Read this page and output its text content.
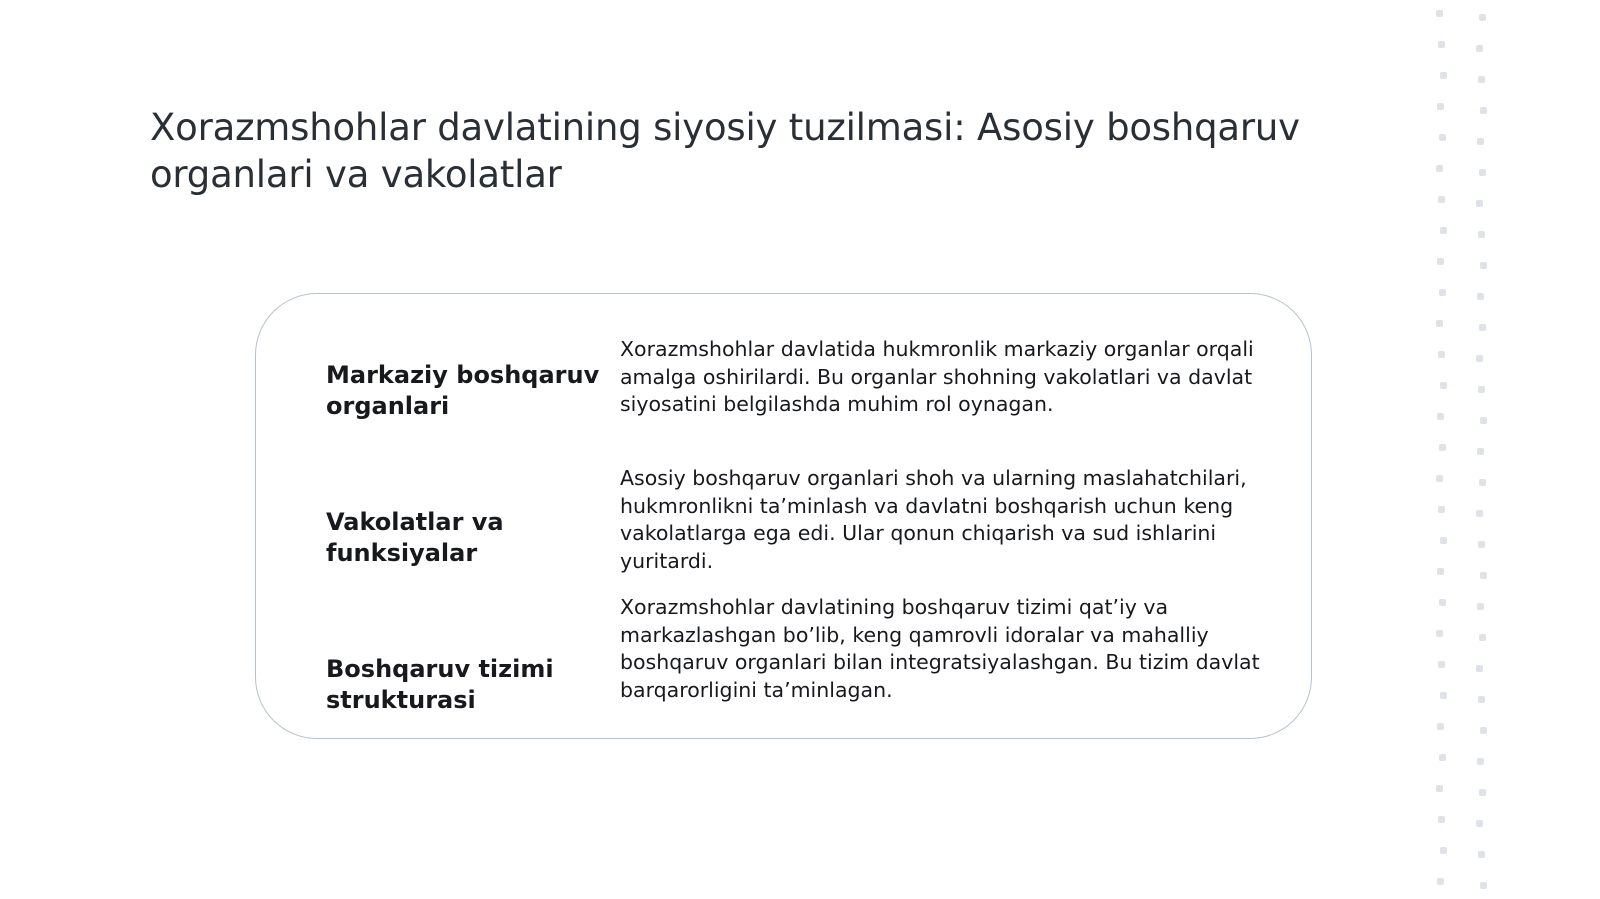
Xorazmshohlar davlatining siyosiy tuzilmasi: Asosiy boshqaruv organlari va vakolatlar

Markaziy boshqaruv organlari

Xorazmshohlar davlatida hukmronlik markaziy organlar orqali amalga oshirilardi. Bu organlar shohning vakolatlari va davlat siyosatini belgilashda muhim rol oynagan.

Vakolatlar va funksiyalar

Asosiy boshqaruv organlari shoh va ularning maslahatchilari, hukmronlikni ta’minlash va davlatni boshqarish uchun keng vakolatlarga ega edi. Ular qonun chiqarish va sud ishlarini yuritardi.

Boshqaruv tizimi strukturasi

Xorazmshohlar davlatining boshqaruv tizimi qat’iy va markazlashgan bo’lib, keng qamrovli idoralar va mahalliy boshqaruv organlari bilan integratsiyalashgan. Bu tizim davlat barqarorligini ta’minlagan.
